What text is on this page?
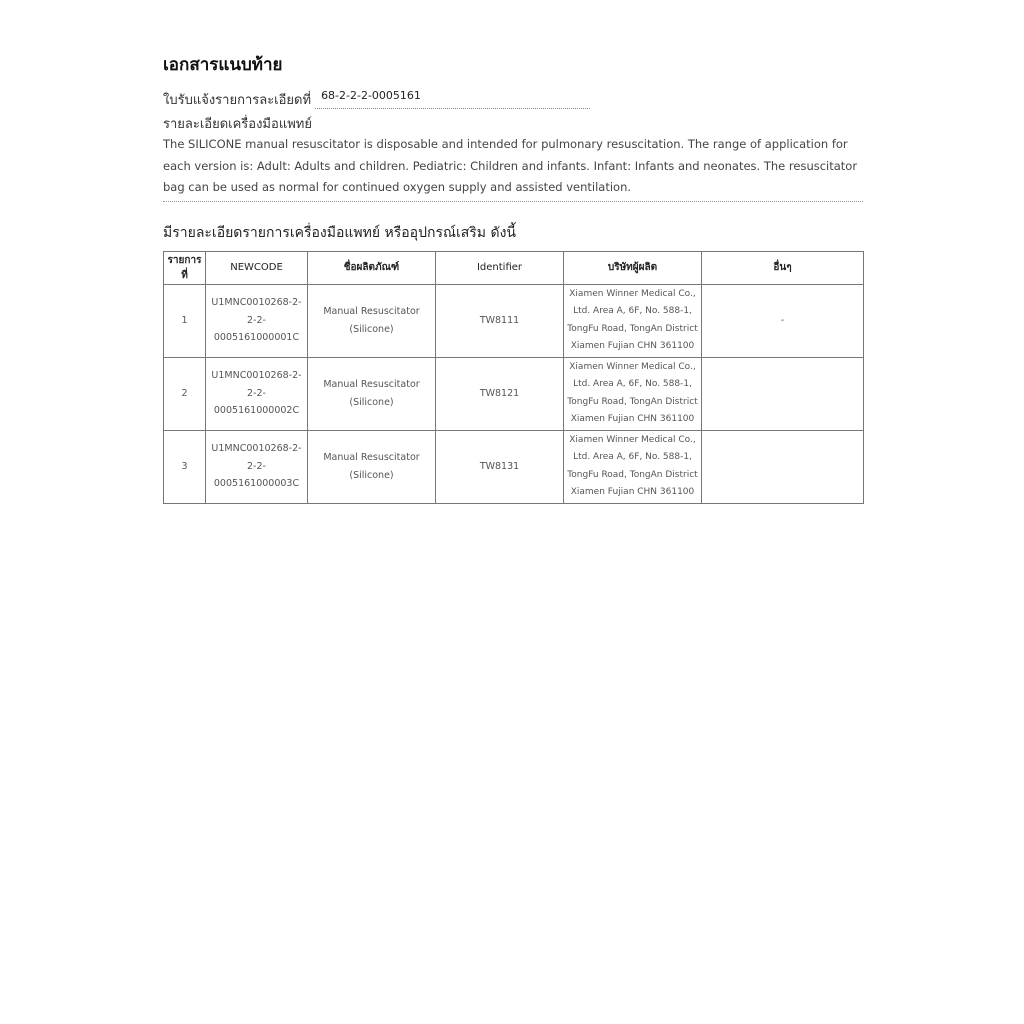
เอกสารแนบท้าย
ใบรับแจ้งรายการละเอียดที่ 68-2-2-2-0005161
รายละเอียดเครื่องมือแพทย์

The SILICONE manual resuscitator is disposable and intended for pulmonary resuscitation. The range of application for each version is: Adult: Adults and children. Pediatric: Children and infants. Infant: Infants and neonates. The resuscitator bag can be used as normal for continued oxygen supply and assisted ventilation.

มีรายละเอียดรายการเครื่องมือแพทย์ หรืออุปกรณ์เสริม ดังนี้
รายการที่	NEWCODE	ชื่อผลิตภัณฑ์	Identifier	บริษัทผู้ผลิต	อื่นๆ
1	U1MNC0010268-2-2-2-0005161000001C	Manual Resuscitator (Silicone)	TW8111	Xiamen Winner Medical Co., Ltd. Area A, 6F, No. 588-1, TongFu Road, TongAn District Xiamen Fujian CHN 361100	-
2	U1MNC0010268-2-2-2-0005161000002C	Manual Resuscitator (Silicone)	TW8121	Xiamen Winner Medical Co., Ltd. Area A, 6F, No. 588-1, TongFu Road, TongAn District Xiamen Fujian CHN 361100	
3	U1MNC0010268-2-2-2-0005161000003C	Manual Resuscitator (Silicone)	TW8131	Xiamen Winner Medical Co., Ltd. Area A, 6F, No. 588-1, TongFu Road, TongAn District Xiamen Fujian CHN 361100	
